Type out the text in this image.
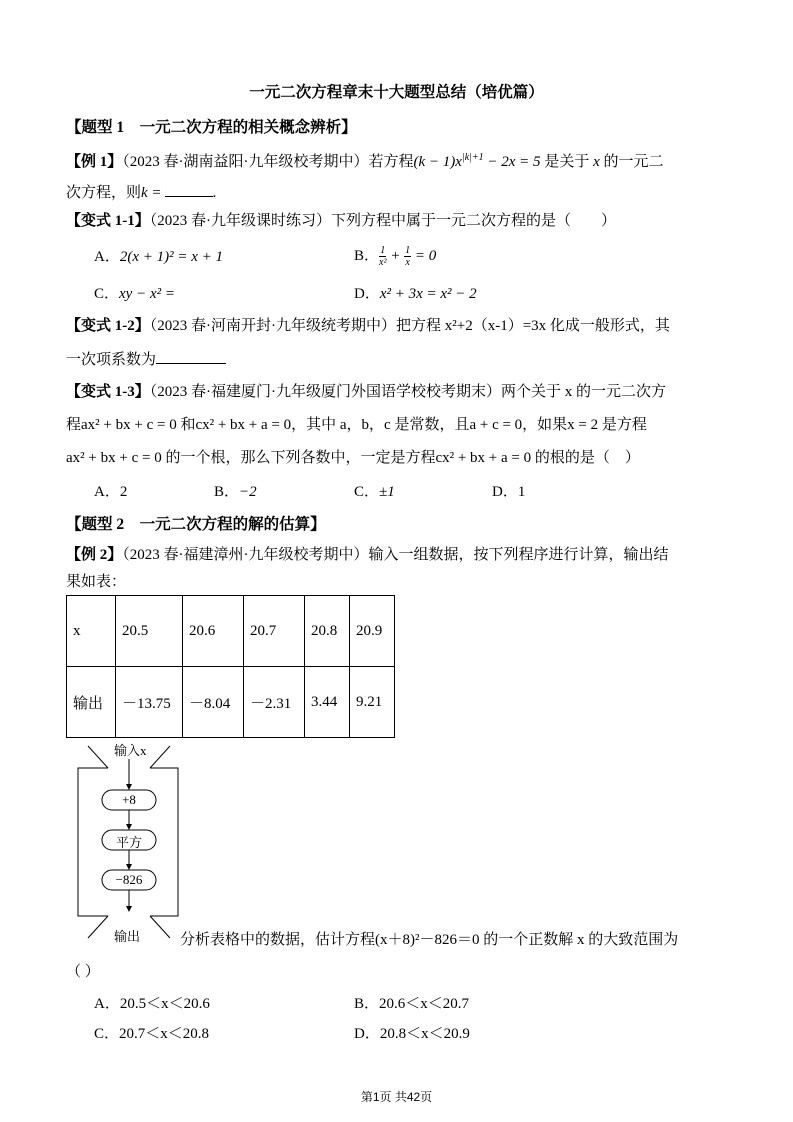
一元二次方程章末十大题型总结（培优篇）
【题型 1　一元二次方程的相关概念辨析】
【例 1】（2023 春·湖南益阳·九年级校考期中）若方程$(k - 1)x^{|k|+1} - 2x = 5$ 是关于 x 的一元二
次方程，则k =	.
【变式 1-1】（2023 春·九年级课时练习）下列方程中属于一元二次方程的是（　　）
A．2(x + 1)² = x + 1	B． $\frac{1}{\text{x²}} + \frac{1}{x} = 0$
C．xy − x² =	D．x² + 3x = x² − 2
【变式 1-2】（2023 春·河南开封·九年级统考期中）把方程 x²+2（x-1）=3x 化成一般形式，其
一次项系数为
【变式 1-3】（2023 春·福建厦门·九年级厦门外国语学校校考期末）两个关于 x 的一元二次方
程ax² + bx + c = 0 和cx² + bx + a = 0，其中 a，b，c 是常数，且a + c = 0，如果x = 2 是方程
ax² + bx + c = 0 的一个根，那么下列各数中，一定是方程cx² + bx + a = 0 的根的是（　）
A．2	B．−2	C．±1	D．1
【题型 2　一元二次方程的解的估算】
【例 2】（2023 春·福建漳州·九年级校考期中）输入一组数据，按下列程序进行计算，输出结
果如表：
x	20.5	20.6	20.7	20.8	20.9
输出	－13.75	－8.04	－2.31	3.44	9.21
输入x
+8
平方
−826
输出	分析表格中的数据，估计方程(x＋8)²－826＝0 的一个正数解 x 的大致范围为
（ ）
A．20.5＜x＜20.6	B．20.6＜x＜20.7
C．20.7＜x＜20.8	D．20.8＜x＜20.9
第1页 共42页
